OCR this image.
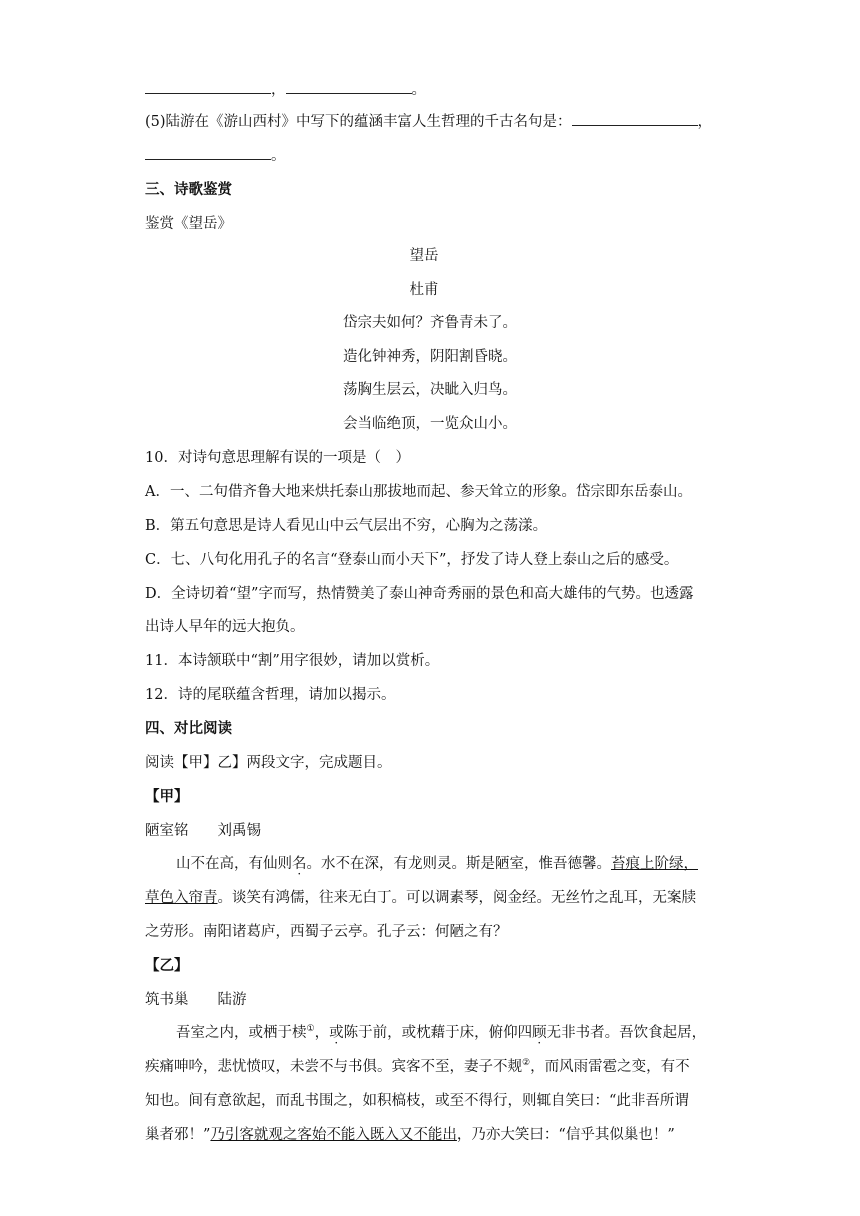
，	。
(5)陆游在《游山西村》中写下的蕴涵丰富人生哲理的千古名句是：	，
。
三、诗歌鉴赏
鉴赏《望岳》
望岳
杜甫
岱宗夫如何？齐鲁青未了。
造化钟神秀，阴阳割昏晓。
荡胸生层云，决眦入归鸟。
会当临绝顶，一览众山小。
10．对诗句意思理解有误的一项是（　）
A．一、二句借齐鲁大地来烘托泰山那拔地而起、参天耸立的形象。岱宗即东岳泰山。
B．第五句意思是诗人看见山中云气层出不穷，心胸为之荡漾。
C．七、八句化用孔子的名言“登泰山而小天下”，抒发了诗人登上泰山之后的感受。
D．全诗切着“望”字而写，热情赞美了泰山神奇秀丽的景色和高大雄伟的气势。也透露
出诗人早年的远大抱负。
11．本诗颔联中“割”用字很妙，请加以赏析。
12．诗的尾联蕴含哲理，请加以揭示。
四、对比阅读
阅读【甲】乙】两段文字，完成题目。
【甲】
陋室铭　　刘禹锡
山不在高，有仙则名。水不在深，有龙则灵。斯是陋室，惟吾德馨。苔痕上阶绿，
草色入帘青。谈笑有鸿儒，往来无白丁。可以调素琴，阅金经。无丝竹之乱耳，无案牍
之劳形。南阳诸葛庐，西蜀子云亭。孔子云：何陋之有？
【乙】
筑书巢　　陆游
吾室之内，或栖于椟①，或陈于前，或枕藉于床，俯仰四顾无非书者。吾饮食起居，
疾痛呻吟，悲忧愤叹，未尝不与书俱。宾客不至，妻子不觌②，而风雨雷雹之变，有不
知也。间有意欲起，而乱书围之，如积槁枝，或至不得行，则辄自笑曰：“此非吾所谓
巢者邪！”乃引客就观之客始不能入既入又不能出，乃亦大笑曰：“信乎其似巢也！”
